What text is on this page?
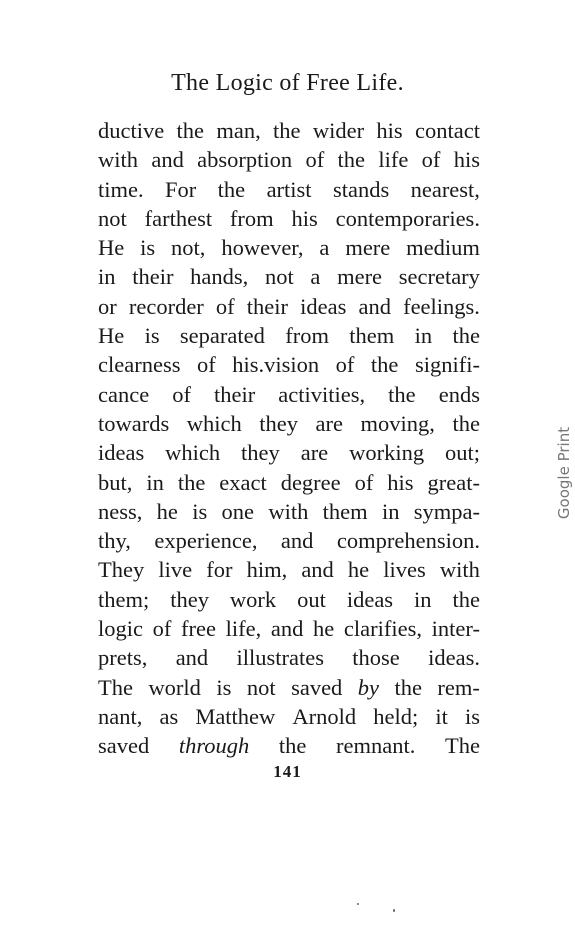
The Logic of Free Life.
ductive the man, the wider his contact
with and absorption of the life of his
time. For the artist stands nearest,
not farthest from his contemporaries.
He is not, however, a mere medium
in their hands, not a mere secretary
or recorder of their ideas and feelings.
He is separated from them in the
clearness of his.vision of the signifi-
cance of their activities, the ends
towards which they are moving, the
ideas which they are working out;
but, in the exact degree of his great-
ness, he is one with them in sympa-
thy, experience, and comprehension.
They live for him, and he lives with
them; they work out ideas in the
logic of free life, and he clarifies, inter-
prets, and illustrates those ideas.
The world is not saved by the rem-
nant, as Matthew Arnold held; it is
saved through the remnant. The
141
Google Print
